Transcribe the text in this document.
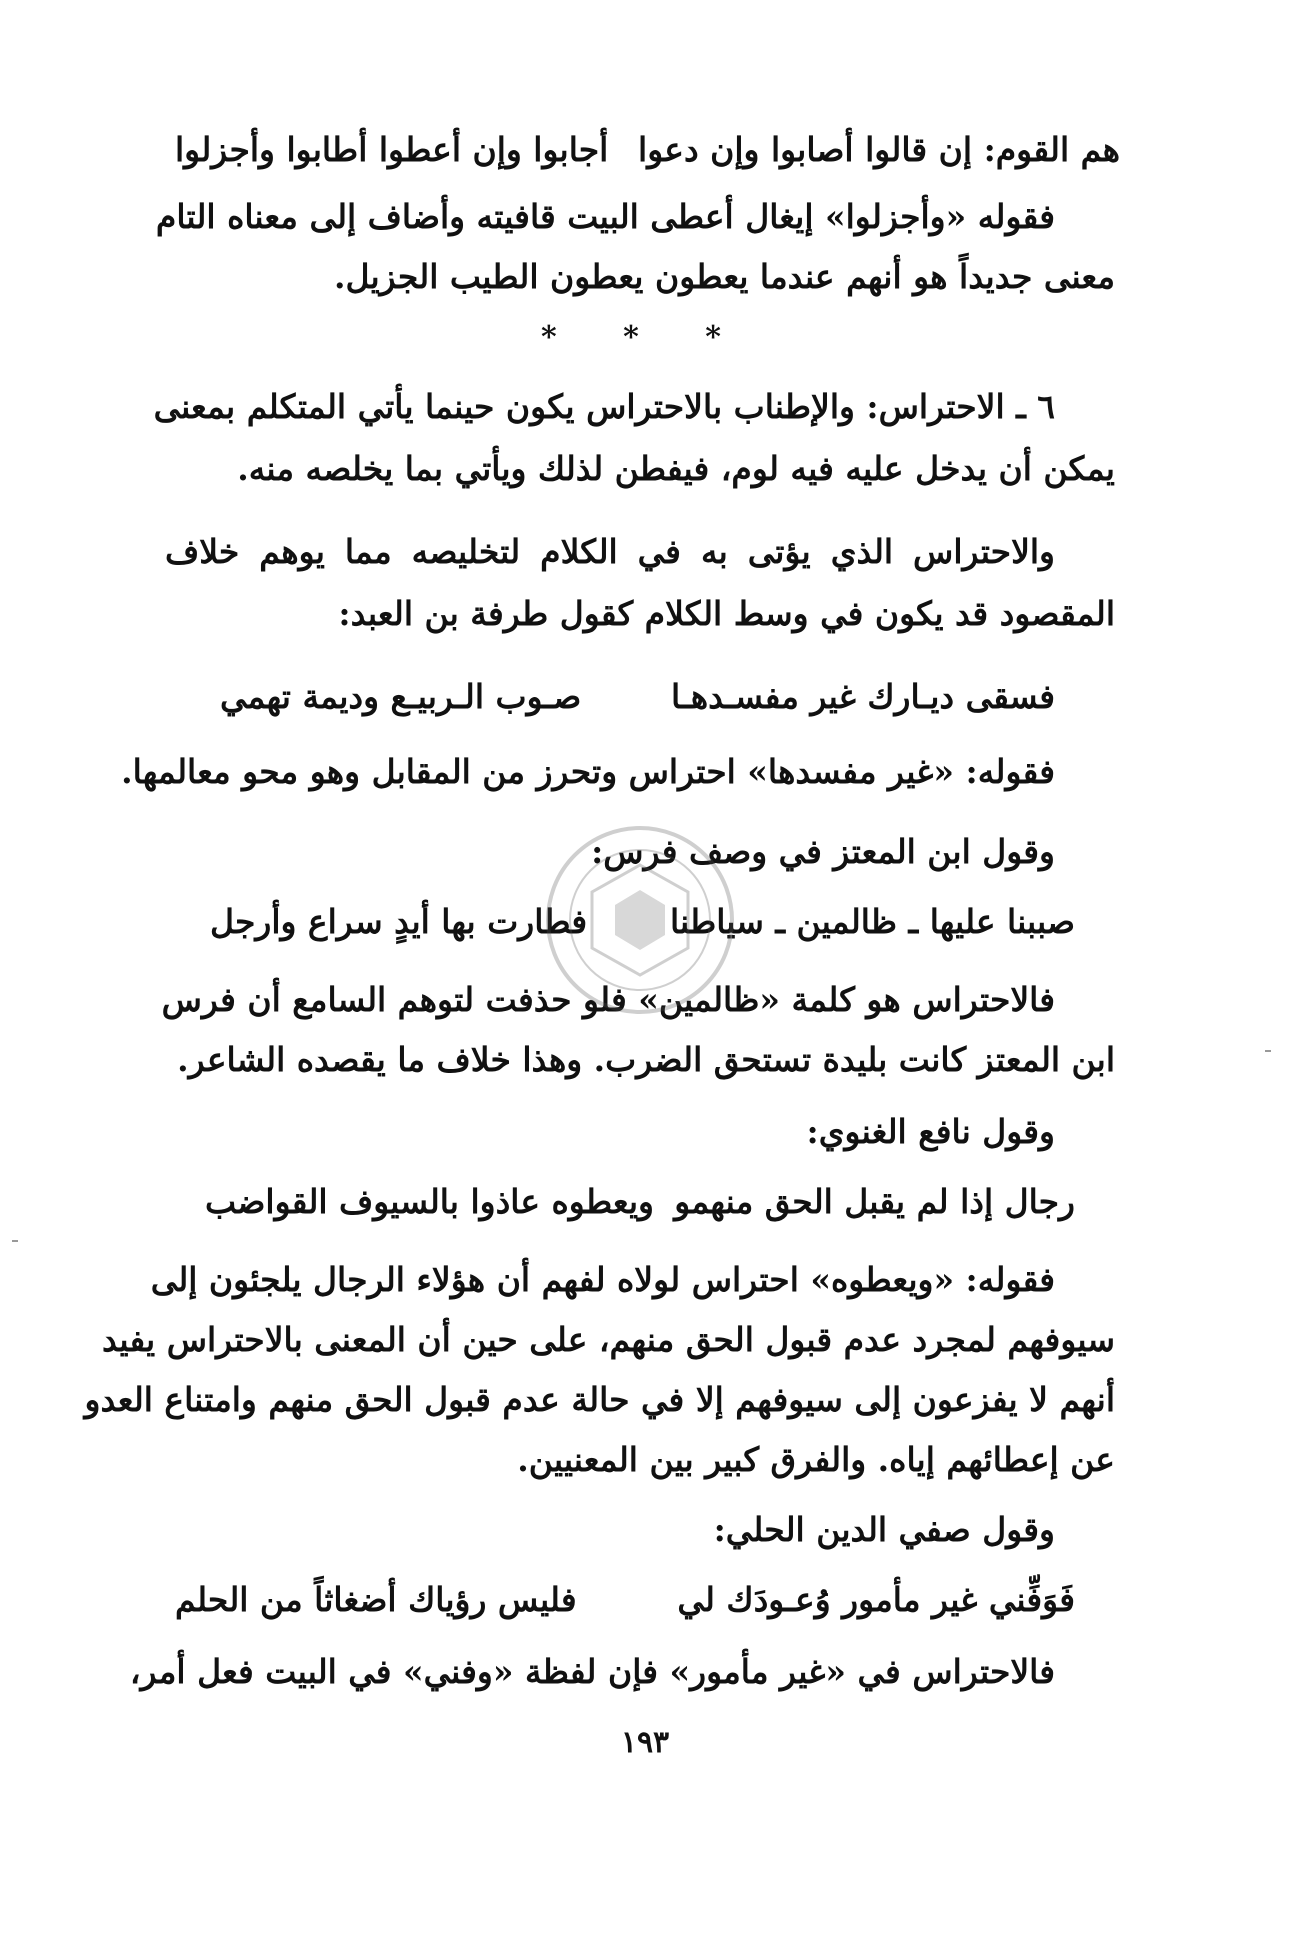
هم القوم: إن قالوا أصابوا وإن دعوا
أجابوا وإن أعطوا أطابوا وأجزلوا
فقوله «وأجزلوا» إيغال أعطى البيت قافيته وأضاف إلى معناه التام
معنى جديداً هو أنهم عندما يعطون يعطون الطيب الجزيل.
* * *
٦ ـ الاحتراس: والإطناب بالاحتراس يكون حينما يأتي المتكلم بمعنى
يمكن أن يدخل عليه فيه لوم، فيفطن لذلك ويأتي بما يخلصه منه.
والاحتراس الذي يؤتى به في الكلام لتخليصه مما يوهم خلاف
المقصود قد يكون في وسط الكلام كقول طرفة بن العبد:
فسقى ديـارك غير مفسـدهـا
صـوب الـربيـع وديمة تهمي
فقوله: «غير مفسدها» احتراس وتحرز من المقابل وهو محو معالمها.
وقول ابن المعتز في وصف فرس:
صببنا عليها ـ ظالمين ـ سياطنا
فطارت بها أيدٍ سراع وأرجل
فالاحتراس هو كلمة «ظالمين» فلو حذفت لتوهم السامع أن فرس
ابن المعتز كانت بليدة تستحق الضرب. وهذا خلاف ما يقصده الشاعر.
وقول نافع الغنوي:
رجال إذا لم يقبل الحق منهمو
ويعطوه عاذوا بالسيوف القواضب
فقوله: «ويعطوه» احتراس لولاه لفهم أن هؤلاء الرجال يلجئون إلى
سيوفهم لمجرد عدم قبول الحق منهم، على حين أن المعنى بالاحتراس يفيد
أنهم لا يفزعون إلى سيوفهم إلا في حالة عدم قبول الحق منهم وامتناع العدو
عن إعطائهم إياه. والفرق كبير بين المعنيين.
وقول صفي الدين الحلي:
فَوَفِّني غير مأمور وُعـودَك لي
فليس رؤياك أضغاثاً من الحلم
فالاحتراس في «غير مأمور» فإن لفظة «وفني» في البيت فعل أمر،
١٩٣
